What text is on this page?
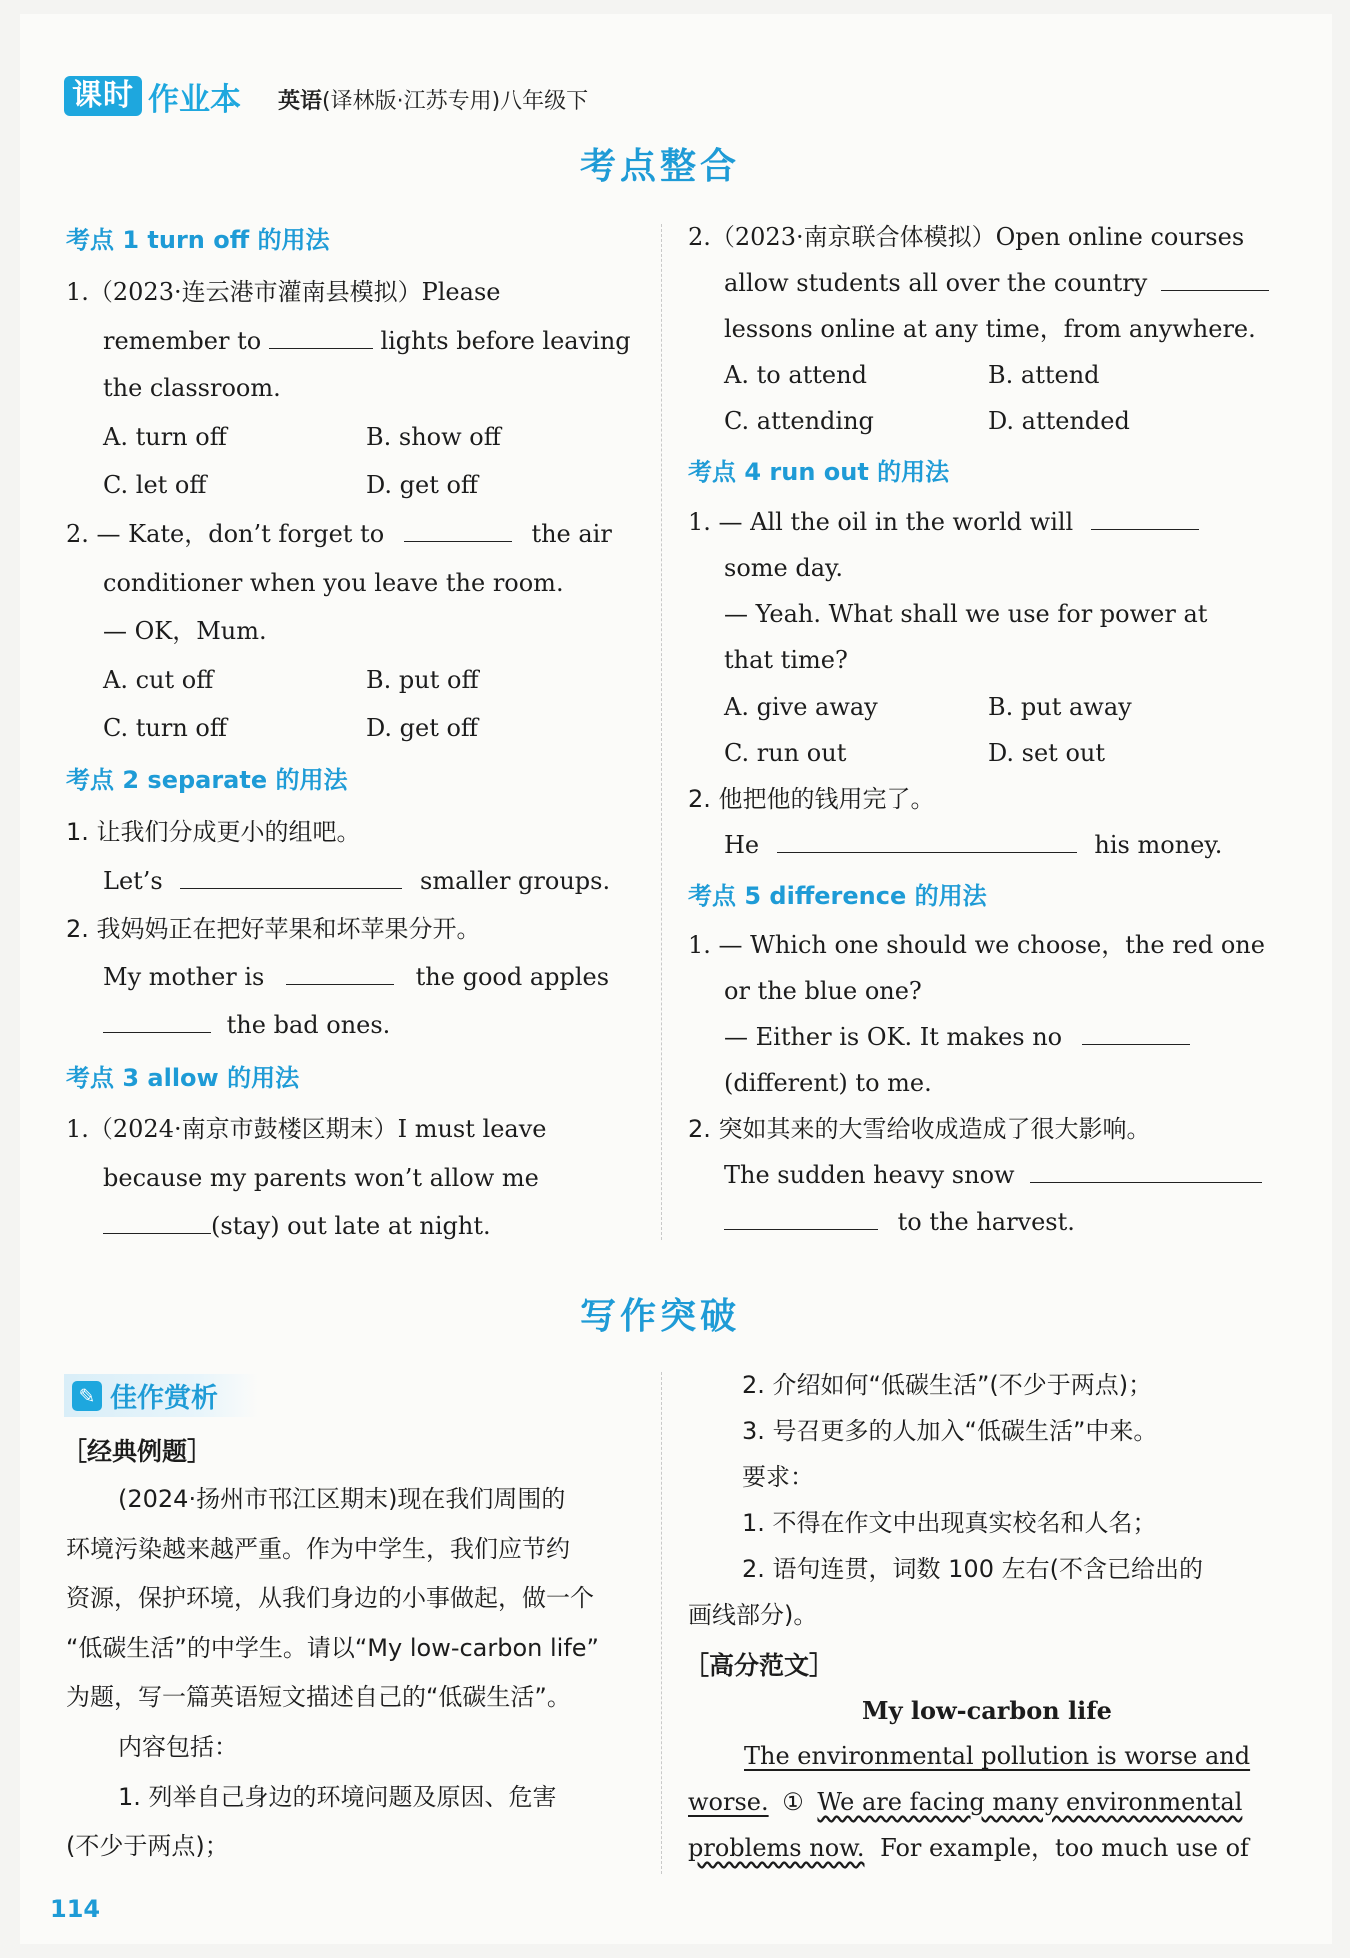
课时 作业本 英语(译林版·江苏专用)八年级下
考点整合
考点 1 turn off 的用法
1.（2023·连云港市灌南县模拟）Please
remember to	lights before leaving
the classroom.
A. turn off	B. show off
C. let off	D. get off
2. — Kate，don’t forget to	the air
conditioner when you leave the room.
— OK，Mum.
A. cut off	B. put off
C. turn off	D. get off
考点 2 separate 的用法
1. 让我们分成更小的组吧。
Let’s	smaller groups.
2. 我妈妈正在把好苹果和坏苹果分开。
My mother is	the good apples
the bad ones.
考点 3 allow 的用法
1.（2024·南京市鼓楼区期末）I must leave
because my parents won’t allow me
(stay) out late at night.
2.（2023·南京联合体模拟）Open online courses
allow students all over the country
lessons online at any time，from anywhere.
A. to attend	B. attend
C. attending	D. attended
考点 4 run out 的用法
1. — All the oil in the world will
some day.
— Yeah. What shall we use for power at
that time?
A. give away	B. put away
C. run out	D. set out
2. 他把他的钱用完了。
He	his money.
考点 5 difference 的用法
1. — Which one should we choose，the red one
or the blue one?
— Either is OK. It makes no
(different) to me.
2. 突如其来的大雪给收成造成了很大影响。
The sudden heavy snow
to the harvest.
写作突破
✎ 佳作赏析
［经典例题］
(2024·扬州市邗江区期末)现在我们周围的
环境污染越来越严重。作为中学生，我们应节约
资源，保护环境，从我们身边的小事做起，做一个
“低碳生活”的中学生。请以“My low-carbon life”
为题，写一篇英语短文描述自己的“低碳生活”。
内容包括：
1. 列举自己身边的环境问题及原因、危害
(不少于两点)；
2. 介绍如何“低碳生活”(不少于两点)；
3. 号召更多的人加入“低碳生活”中来。
要求：
1. 不得在作文中出现真实校名和人名；
2. 语句连贯，词数 100 左右(不含已给出的
画线部分)。
［高分范文］
My low-carbon life
The environmental pollution is worse and
worse. ① We are facing many environmental
problems now. For example，too much use of
114
